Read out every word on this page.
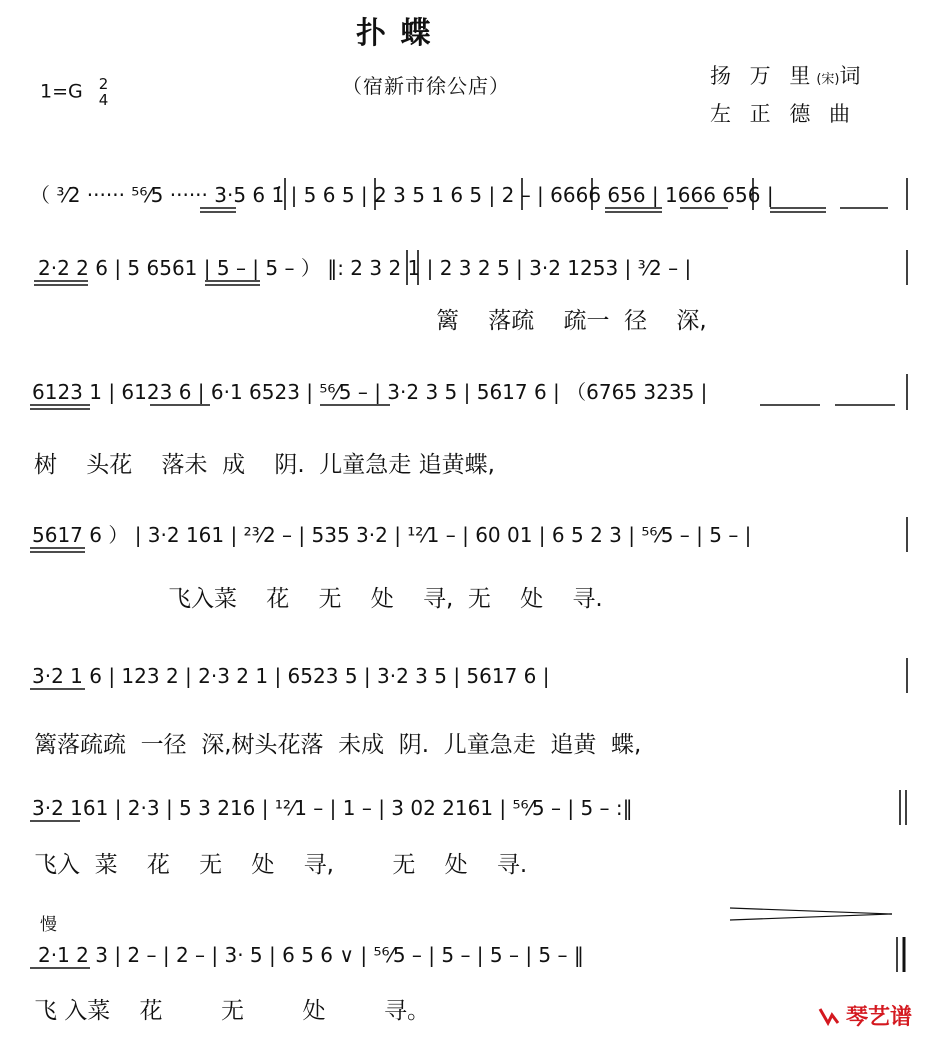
扑 蝶
（宿新市徐公店）
1=G 2
4
扬 万 里(宋)词
左 正 德 曲
（ ³⁄2 ······ ⁵⁶⁄5 ······ 3·5 6 1̇ | 5 6 5 | 2 3 5 1 6 5 | 2 – | 6666 656 | 1666 656 |
2·2 2 6 | 5 6561 | 5 – | 5 – ） ‖: 2 3 2 1 | 2 3 2 5 | 3·2 1253 | ³⁄2 – |
6123 1 | 6123 6 | 6·1 6523 | ⁵⁶⁄5 – | 3·2 3 5 | 5617 6 | （6765 3235 |
5617 6 ） | 3·2 161 | ²³⁄2 – | 535 3·2 | ¹²⁄1 – | 60 01 | 6 5 2 3 | ⁵⁶⁄5 – | 5 – |
3·2 1 6 | 123 2 | 2·3 2 1 | 6523 5 | 3·2 3 5 | 5617 6 |
3·2 161 | 2·3 | 5 3 216 | ¹²⁄1 – | 1 – | 3 02 2161 | ⁵⁶⁄5 – | 5 – :‖
2·1 2 3 | 2 – | 2 – | 3· 5 | 6 5 6 ∨ | ⁵⁶⁄5 – | 5 – | 5 – | 5 – ‖
篱    落疏    疏一  径    深,
树    头花    落未  成    阴.  儿童急走 追黄蝶,
飞入菜    花    无    处    寻,  无    处    寻.
篱落疏疏  一径  深,树头花落  未成  阴.  儿童急走  追黄  蝶,
飞入  菜    花    无    处    寻,        无    处    寻.
飞 入菜    花        无        处        寻。
慢
琴艺谱
